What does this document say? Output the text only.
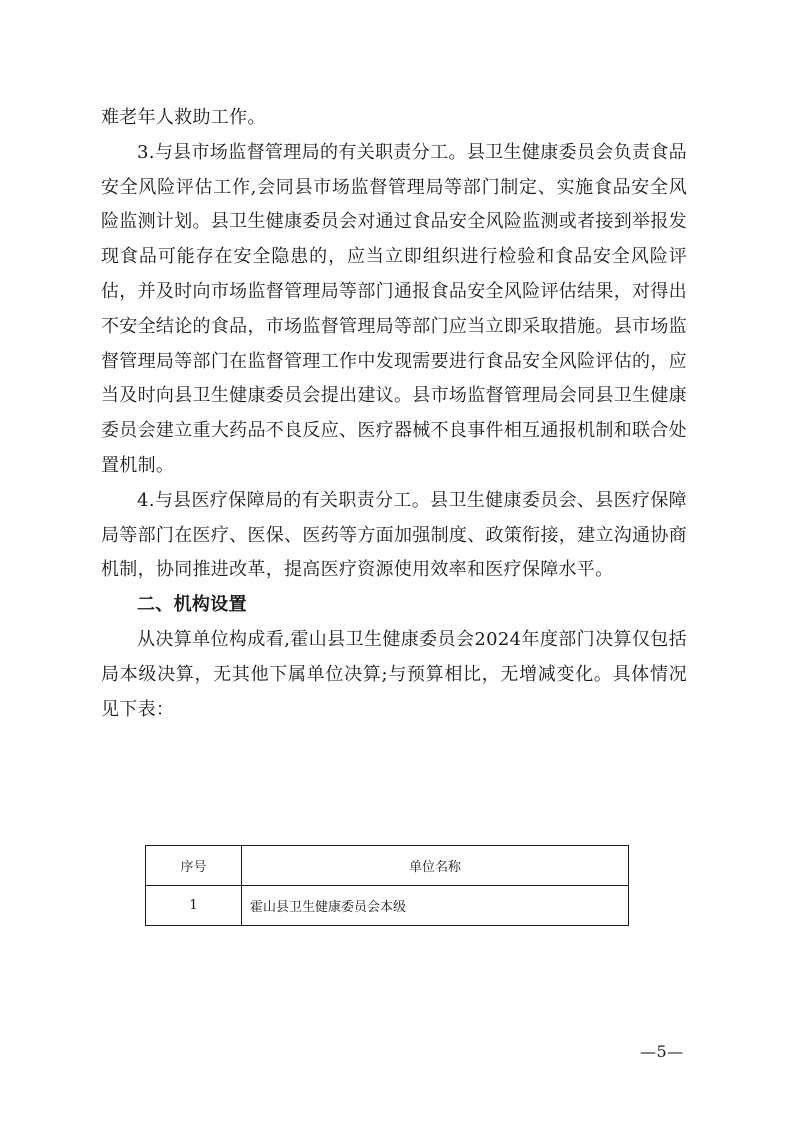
难老年人救助工作。

3.与县市场监督管理局的有关职责分工。县卫生健康委员会负责食品安全风险评估工作,会同县市场监督管理局等部门制定、实施食品安全风险监测计划。县卫生健康委员会对通过食品安全风险监测或者接到举报发现食品可能存在安全隐患的，应当立即组织进行检验和食品安全风险评估，并及时向市场监督管理局等部门通报食品安全风险评估结果，对得出不安全结论的食品，市场监督管理局等部门应当立即采取措施。县市场监督管理局等部门在监督管理工作中发现需要进行食品安全风险评估的，应当及时向县卫生健康委员会提出建议。县市场监督管理局会同县卫生健康委员会建立重大药品不良反应、医疗器械不良事件相互通报机制和联合处置机制。

4.与县医疗保障局的有关职责分工。县卫生健康委员会、县医疗保障局等部门在医疗、医保、医药等方面加强制度、政策衔接，建立沟通协商机制，协同推进改革，提高医疗资源使用效率和医疗保障水平。

二、机构设置

从决算单位构成看,霍山县卫生健康委员会2024年度部门决算仅包括局本级决算，无其他下属单位决算;与预算相比，无增减变化。具体情况见下表：

序号	单位名称
1	霍山县卫生健康委员会本级
—5—
